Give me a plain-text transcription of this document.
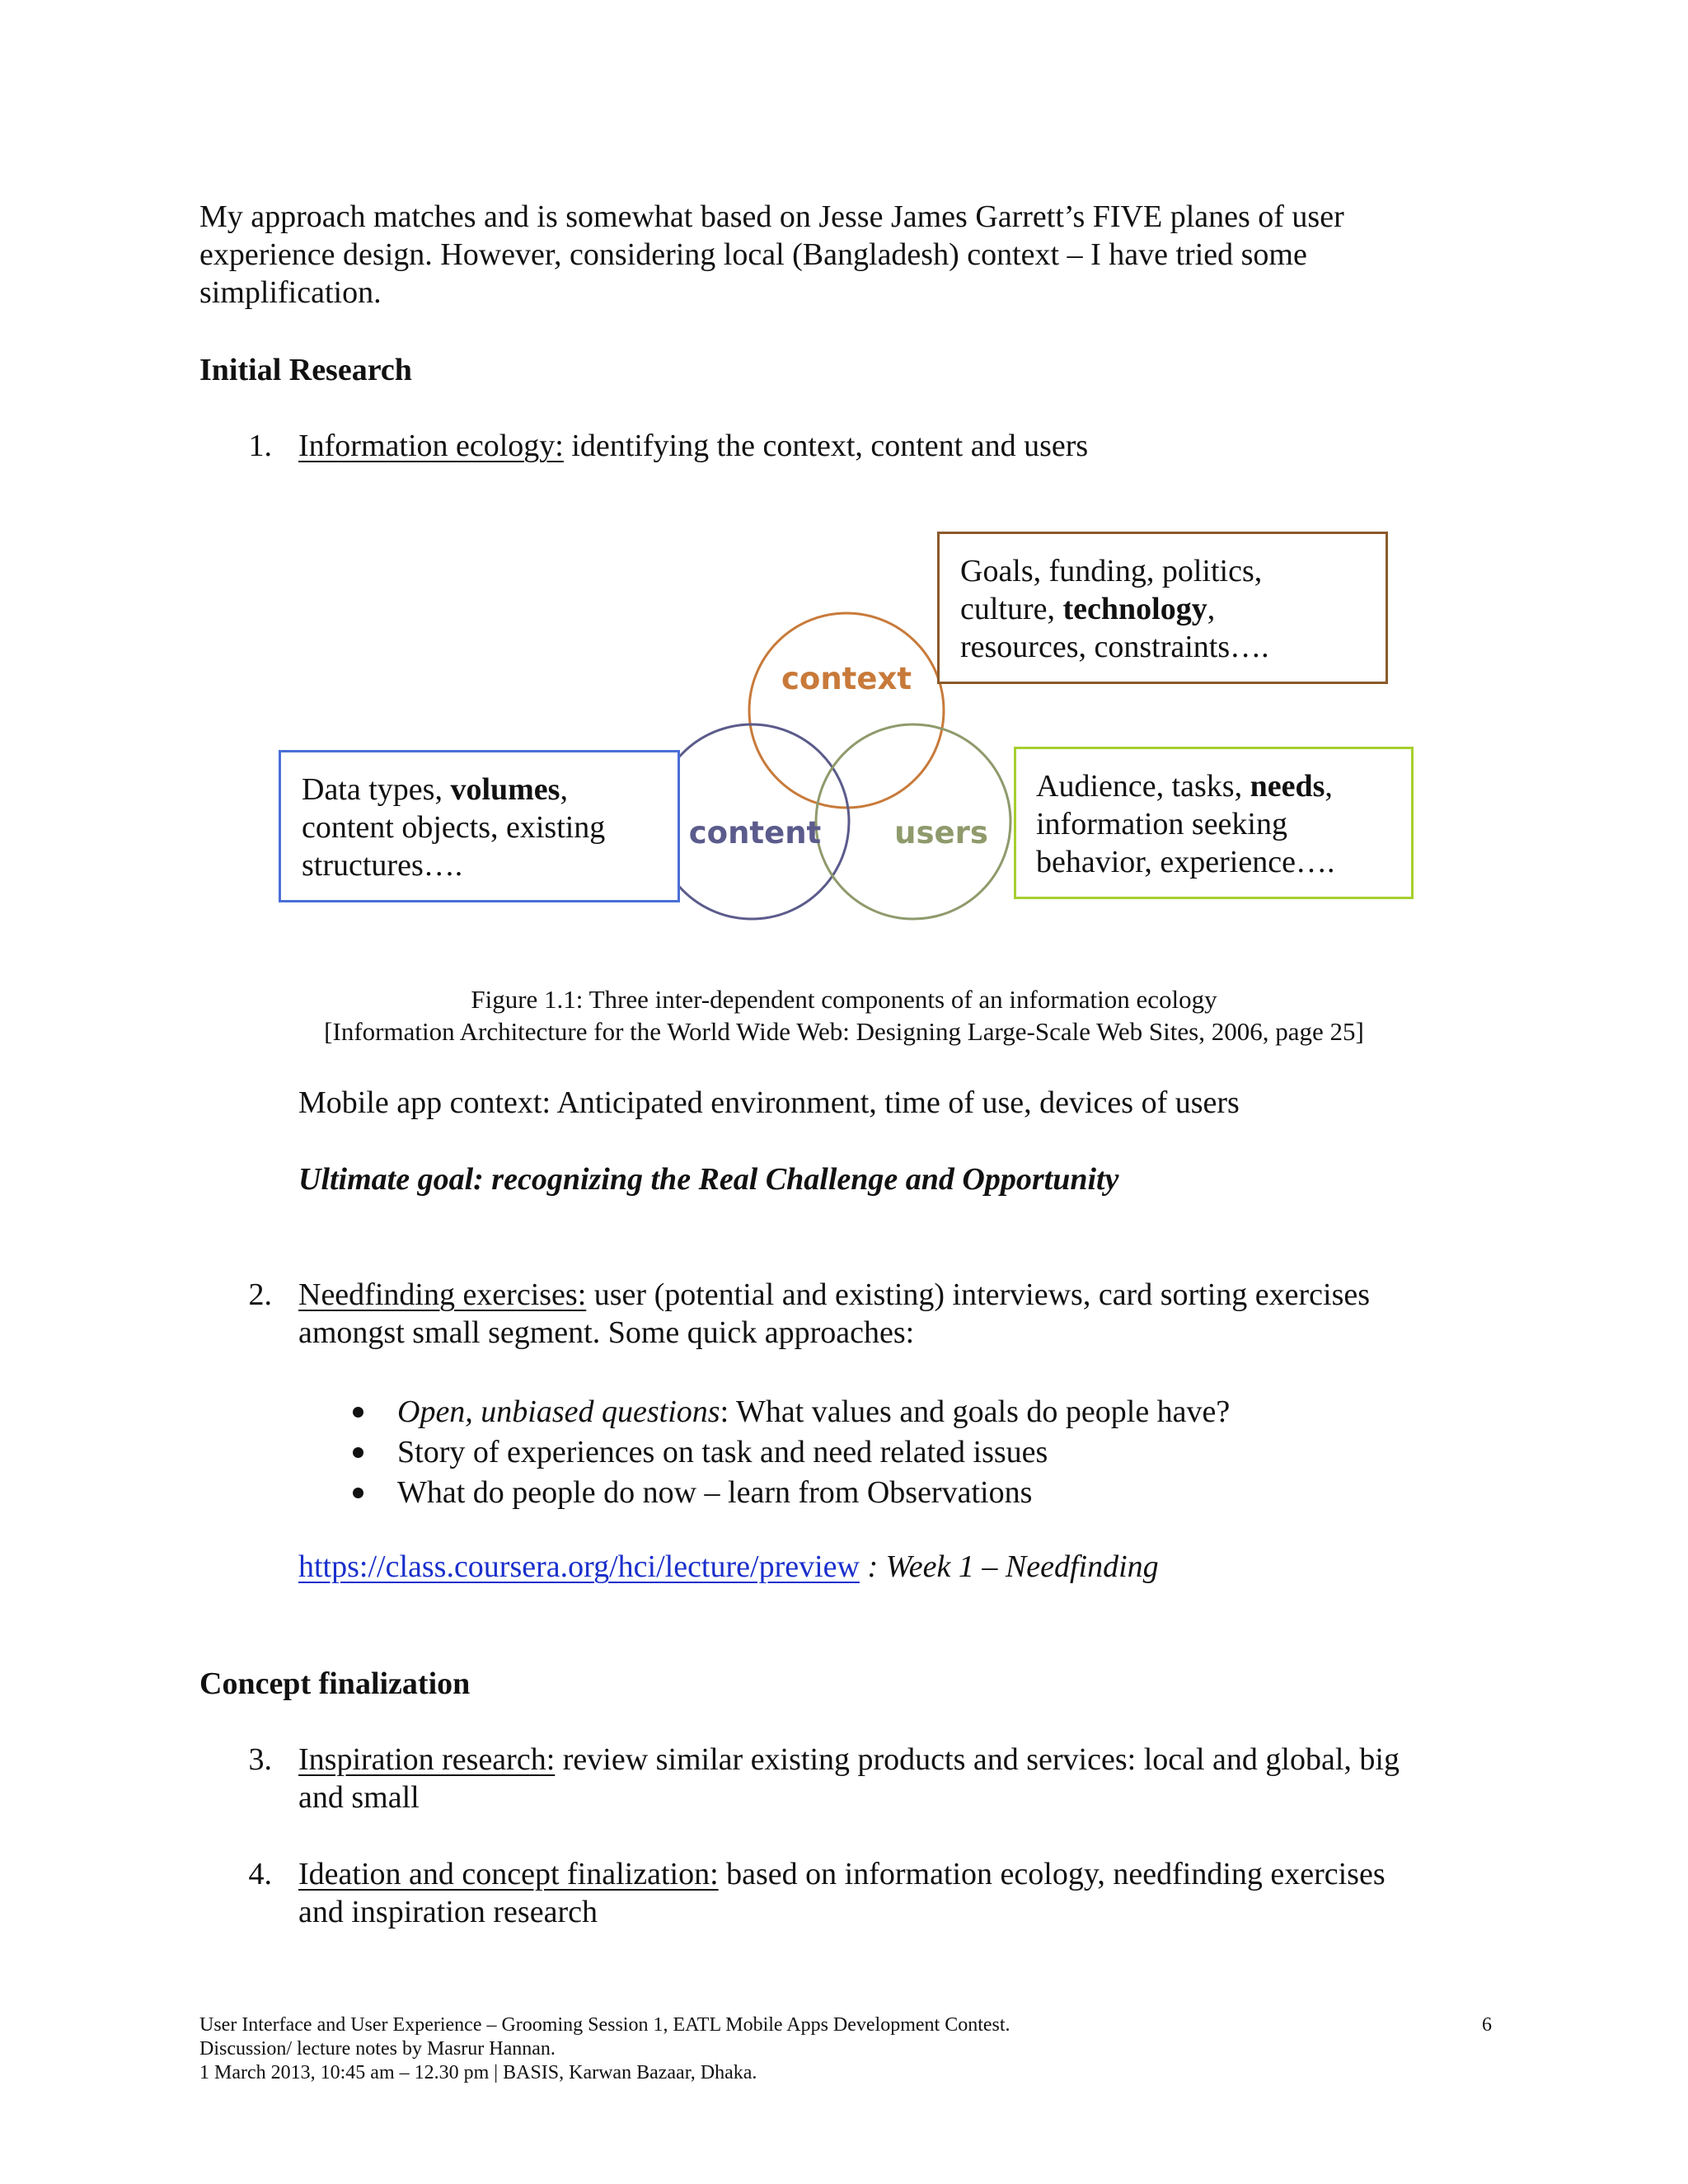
My approach matches and is somewhat based on Jesse James Garrett’s FIVE planes of user
experience design. However, considering local (Bangladesh) context – I have tried some
simplification.
Initial Research
1. Information ecology: identifying the context, content and users
context
content users
Goals, funding, politics,
culture, technology,
resources, constraints….
Data types, volumes,
content objects, existing
structures….
Audience, tasks, needs,
information seeking
behavior, experience….
Figure 1.1: Three inter-dependent components of an information ecology
[Information Architecture for the World Wide Web: Designing Large-Scale Web Sites, 2006, page 25]
Mobile app context: Anticipated environment, time of use, devices of users
Ultimate goal: recognizing the Real Challenge and Opportunity
2. Needfinding exercises: user (potential and existing) interviews, card sorting exercises
amongst small segment. Some quick approaches:
Open, unbiased questions: What values and goals do people have?
Story of experiences on task and need related issues
What do people do now – learn from Observations
https://class.coursera.org/hci/lecture/preview : Week 1 – Needfinding
Concept finalization
3. Inspiration research: review similar existing products and services: local and global, big
and small
4. Ideation and concept finalization: based on information ecology, needfinding exercises
and inspiration research
User Interface and User Experience – Grooming Session 1, EATL Mobile Apps Development Contest.
Discussion/ lecture notes by Masrur Hannan.
1 March 2013, 10:45 am – 12.30 pm | BASIS, Karwan Bazaar, Dhaka.
6
